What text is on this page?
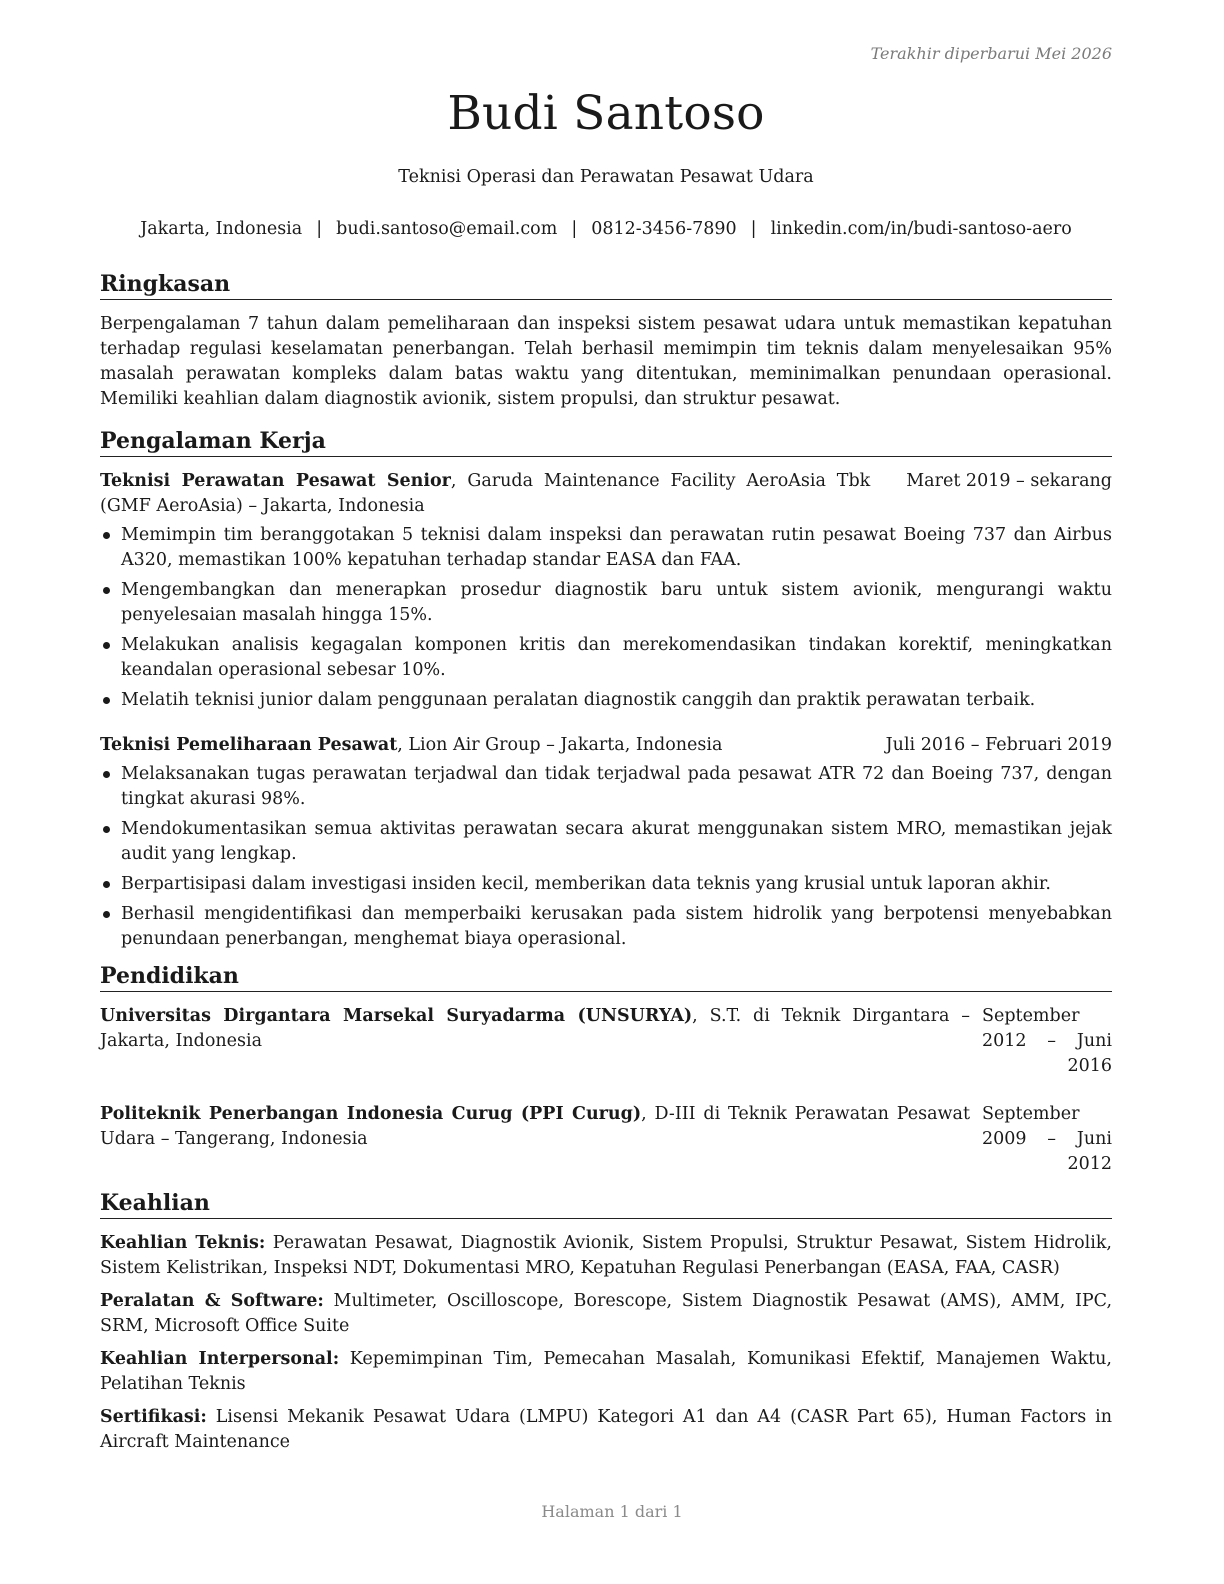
Terakhir diperbarui Mei 2026
Budi Santoso
Teknisi Operasi dan Perawatan Pesawat Udara
Jakarta, Indonesia | budi.santoso@email.com | 0812-3456-7890 | linkedin.com/in/budi-santoso-aero
Ringkasan

Berpengalaman 7 tahun dalam pemeliharaan dan inspeksi sistem pesawat udara untuk memastikan kepatuhan terhadap regulasi keselamatan penerbangan. Telah berhasil memimpin tim teknis dalam menyelesaikan 95% masalah perawatan kompleks dalam batas waktu yang ditentukan, meminimalkan penundaan operasional. Memiliki keahlian dalam diagnostik avionik, sistem propulsi, dan struktur pesawat.

Pengalaman Kerja
Teknisi Perawatan Pesawat Senior, Garuda Maintenance Facility AeroAsia Tbk (GMF AeroAsia) – Jakarta, Indonesia
Maret 2019 – sekarang
Memimpin tim beranggotakan 5 teknisi dalam inspeksi dan perawatan rutin pesawat Boeing 737 dan Airbus A320, memastikan 100% kepatuhan terhadap standar EASA dan FAA.
Mengembangkan dan menerapkan prosedur diagnostik baru untuk sistem avionik, mengurangi waktu penyelesaian masalah hingga 15%.
Melakukan analisis kegagalan komponen kritis dan merekomendasikan tindakan korektif, meningkatkan keandalan operasional sebesar 10%.
Melatih teknisi junior dalam penggunaan peralatan diagnostik canggih dan praktik perawatan terbaik.
Teknisi Pemeliharaan Pesawat, Lion Air Group – Jakarta, Indonesia	Juli 2016 – Februari 2019
Melaksanakan tugas perawatan terjadwal dan tidak terjadwal pada pesawat ATR 72 dan Boeing 737, dengan tingkat akurasi 98%.
Mendokumentasikan semua aktivitas perawatan secara akurat menggunakan sistem MRO, memastikan jejak audit yang lengkap.
Berpartisipasi dalam investigasi insiden kecil, memberikan data teknis yang krusial untuk laporan akhir.
Berhasil mengidentifikasi dan memperbaiki kerusakan pada sistem hidrolik yang berpotensi menyebabkan penundaan penerbangan, menghemat biaya operasional.
Pendidikan
Universitas Dirgantara Marsekal Suryadarma (UNSURYA), S.T. di Teknik Dirgantara – Jakarta, Indonesia
September 2012 – Juni 2016
Politeknik Penerbangan Indonesia Curug (PPI Curug), D-III di Teknik Perawatan Pesawat Udara – Tangerang, Indonesia
September 2009 – Juni 2012
Keahlian

Keahlian Teknis: Perawatan Pesawat, Diagnostik Avionik, Sistem Propulsi, Struktur Pesawat, Sistem Hidrolik, Sistem Kelistrikan, Inspeksi NDT, Dokumentasi MRO, Kepatuhan Regulasi Penerbangan (EASA, FAA, CASR)

Peralatan & Software: Multimeter, Oscilloscope, Borescope, Sistem Diagnostik Pesawat (AMS), AMM, IPC, SRM, Microsoft Office Suite

Keahlian Interpersonal: Kepemimpinan Tim, Pemecahan Masalah, Komunikasi Efektif, Manajemen Waktu, Pelatihan Teknis

Sertifikasi: Lisensi Mekanik Pesawat Udara (LMPU) Kategori A1 dan A4 (CASR Part 65), Human Factors in Aircraft Maintenance

Halaman 1 dari 1
